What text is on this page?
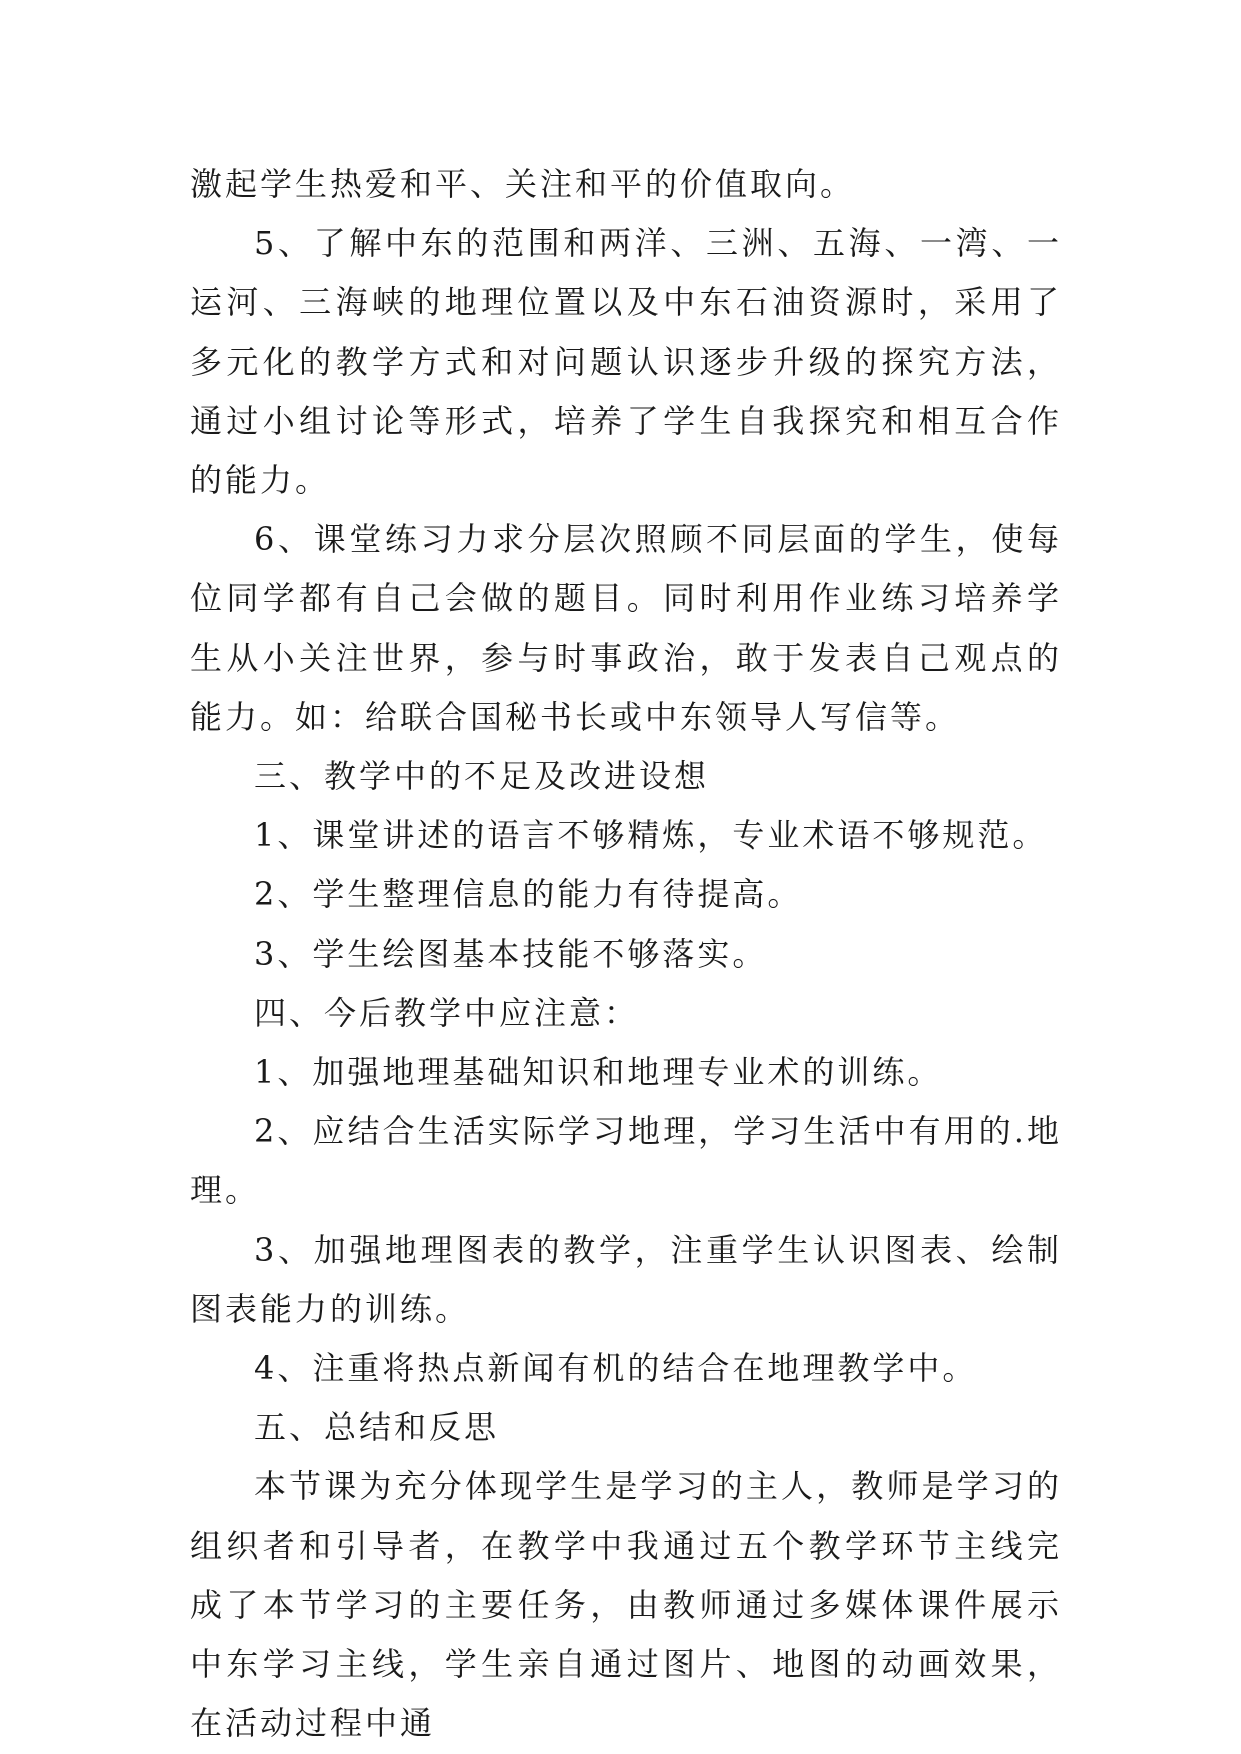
激起学生热爱和平、关注和平的价值取向。

5、了解中东的范围和两洋、三洲、五海、一湾、一运河、三海峡的地理位置以及中东石油资源时，采用了多元化的教学方式和对问题认识逐步升级的探究方法，通过小组讨论等形式，培养了学生自我探究和相互合作的能力。

6、课堂练习力求分层次照顾不同层面的学生，使每位同学都有自己会做的题目。同时利用作业练习培养学生从小关注世界，参与时事政治，敢于发表自己观点的能力。如：给联合国秘书长或中东领导人写信等。

三、教学中的不足及改进设想

1、课堂讲述的语言不够精炼，专业术语不够规范。

2、学生整理信息的能力有待提高。

3、学生绘图基本技能不够落实。

四、今后教学中应注意：

1、加强地理基础知识和地理专业术的训练。

2、应结合生活实际学习地理，学习生活中有用的.地理。

3、加强地理图表的教学，注重学生认识图表、绘制图表能力的训练。

4、注重将热点新闻有机的结合在地理教学中。

五、总结和反思

本节课为充分体现学生是学习的主人，教师是学习的组织者和引导者，在教学中我通过五个教学环节主线完成了本节学习的主要任务，由教师通过多媒体课件展示中东学习主线，学生亲自通过图片、地图的动画效果，在活动过程中通
